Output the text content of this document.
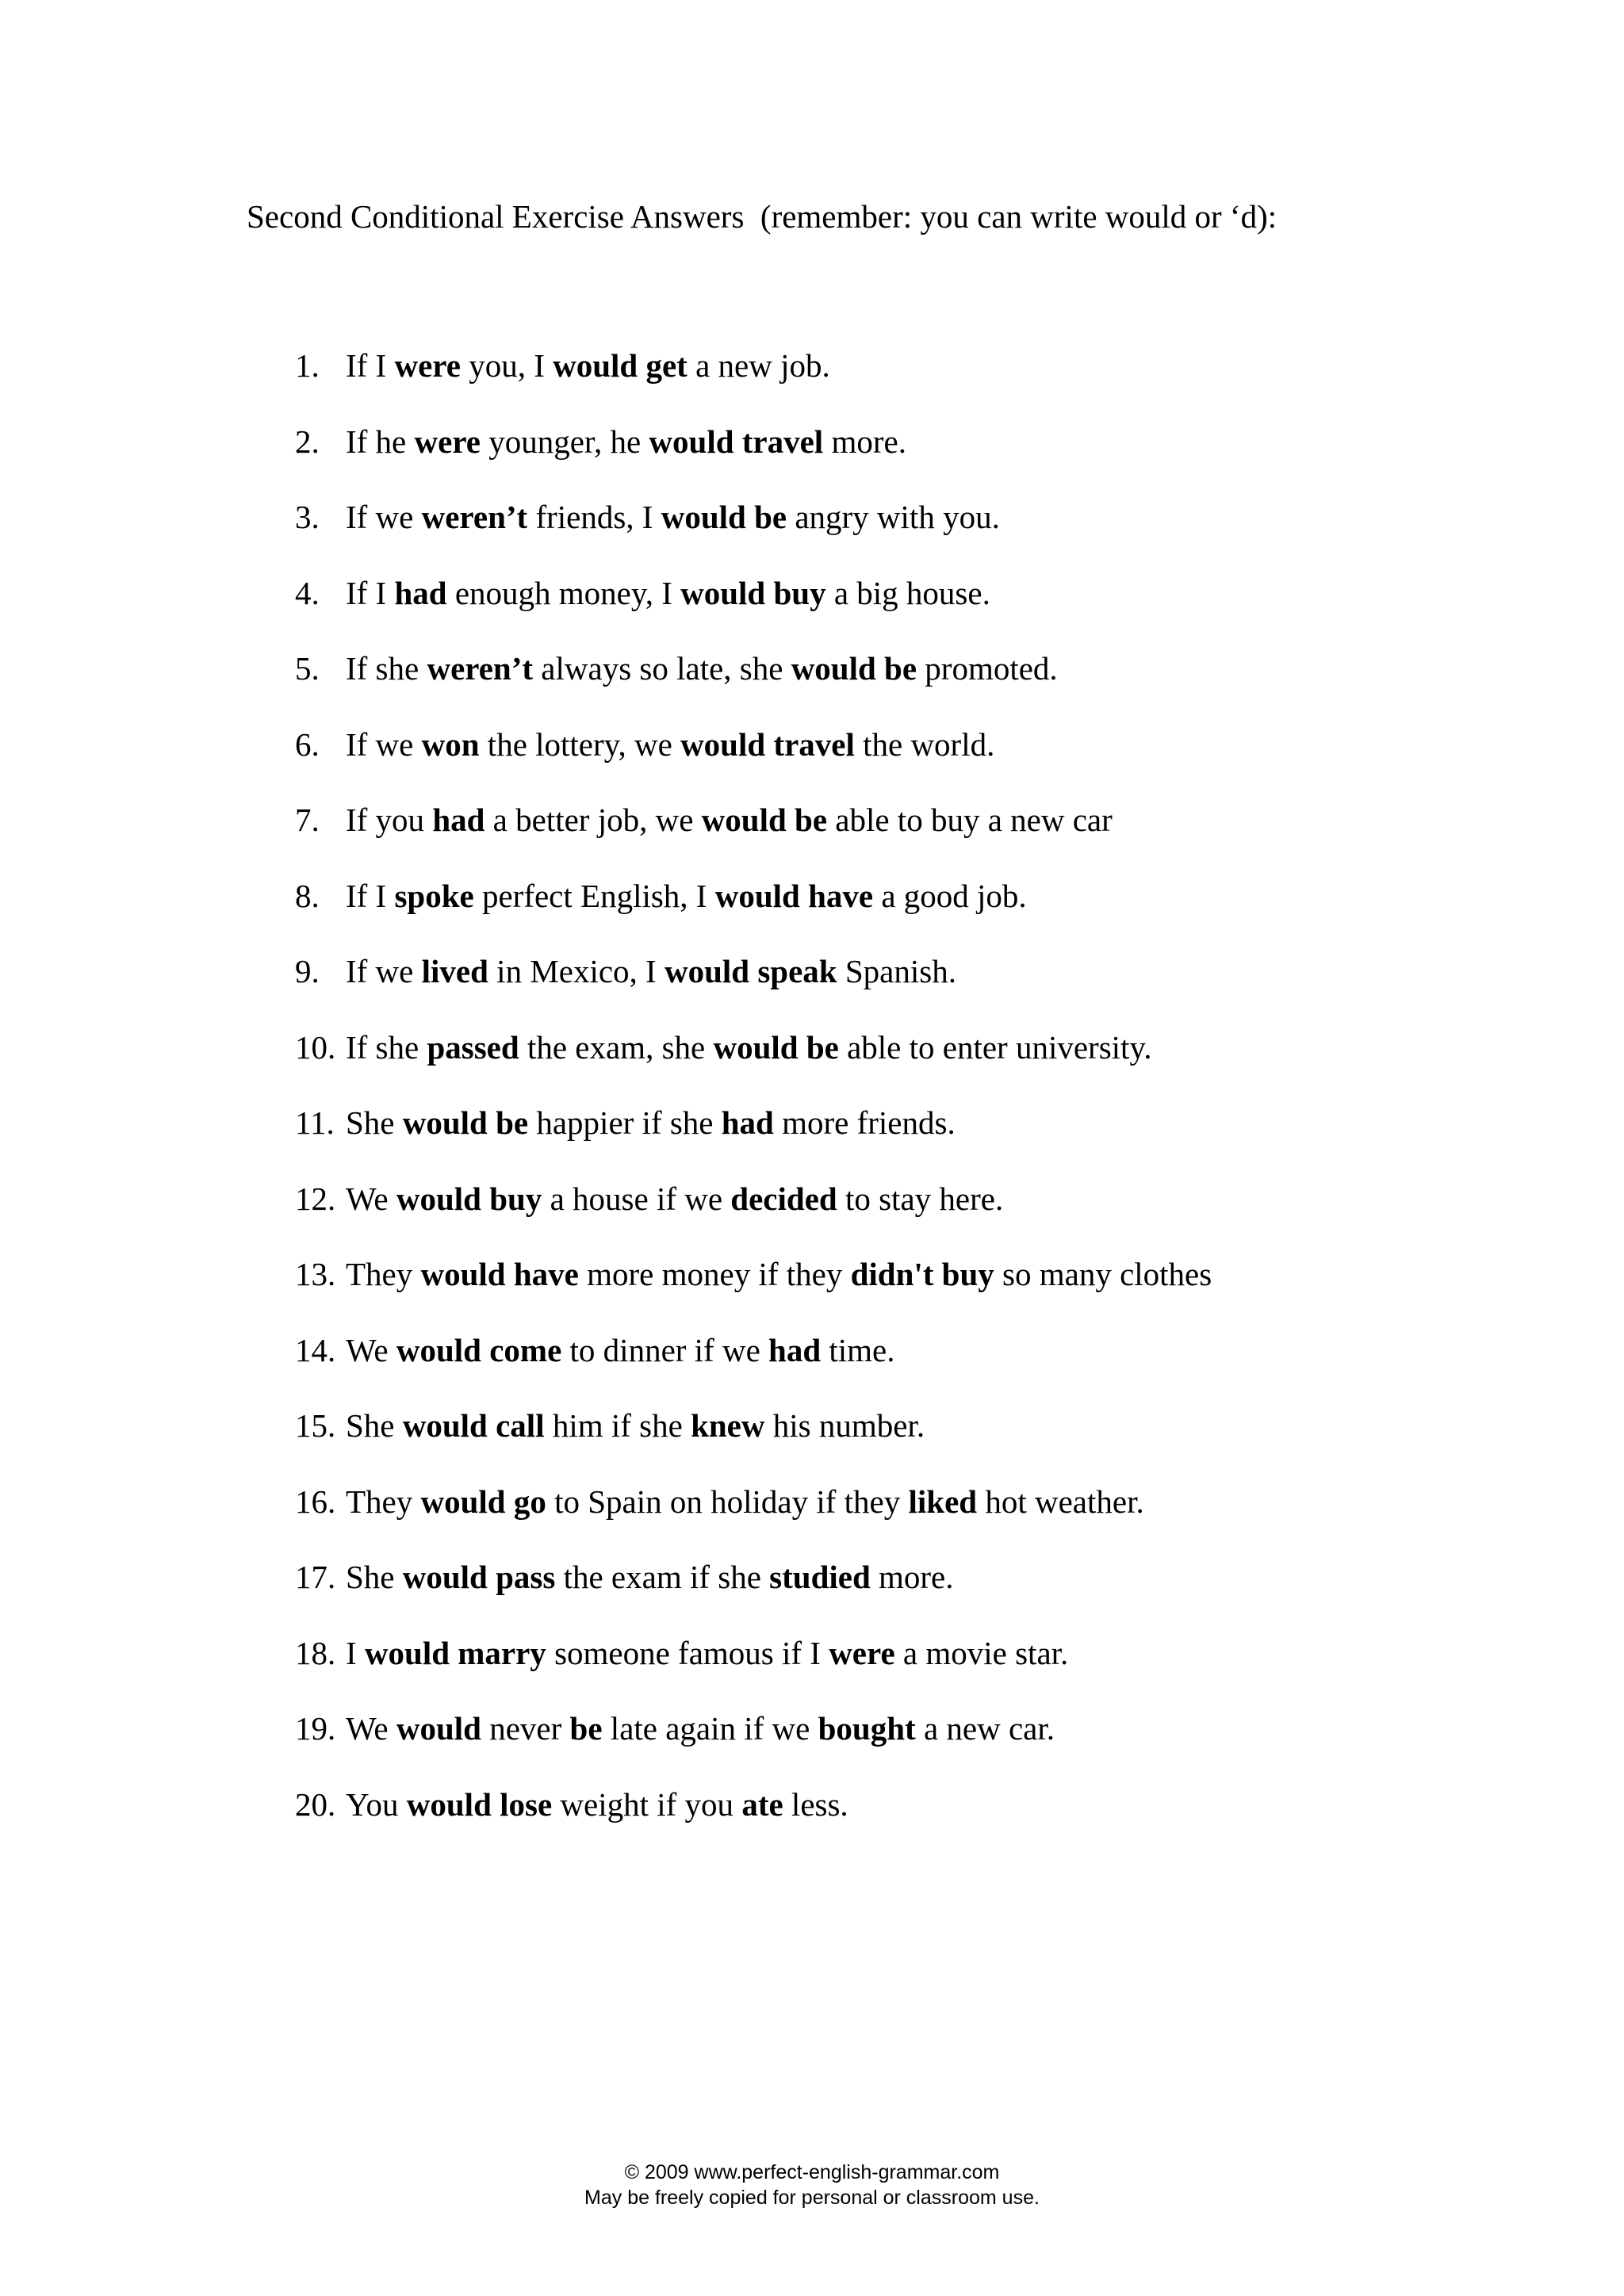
Second Conditional Exercise Answers  (remember: you can write would or ‘d):
1. If I were you, I would get a new job.
2. If he were younger, he would travel more.
3. If we weren’t friends, I would be angry with you.
4. If I had enough money, I would buy a big house.
5. If she weren’t always so late, she would be promoted.
6. If we won the lottery, we would travel the world.
7. If you had a better job, we would be able to buy a new car
8. If I spoke perfect English, I would have a good job.
9. If we lived in Mexico, I would speak Spanish.
10. If she passed the exam, she would be able to enter university.
11. She would be happier if she had more friends.
12. We would buy a house if we decided to stay here.
13. They would have more money if they didn't buy so many clothes
14. We would come to dinner if we had time.
15. She would call him if she knew his number.
16. They would go to Spain on holiday if they liked hot weather.
17. She would pass the exam if she studied more.
18. I would marry someone famous if I were a movie star.
19. We would never be late again if we bought a new car.
20. You would lose weight if you ate less.
© 2009 www.perfect-english-grammar.com
May be freely copied for personal or classroom use.
